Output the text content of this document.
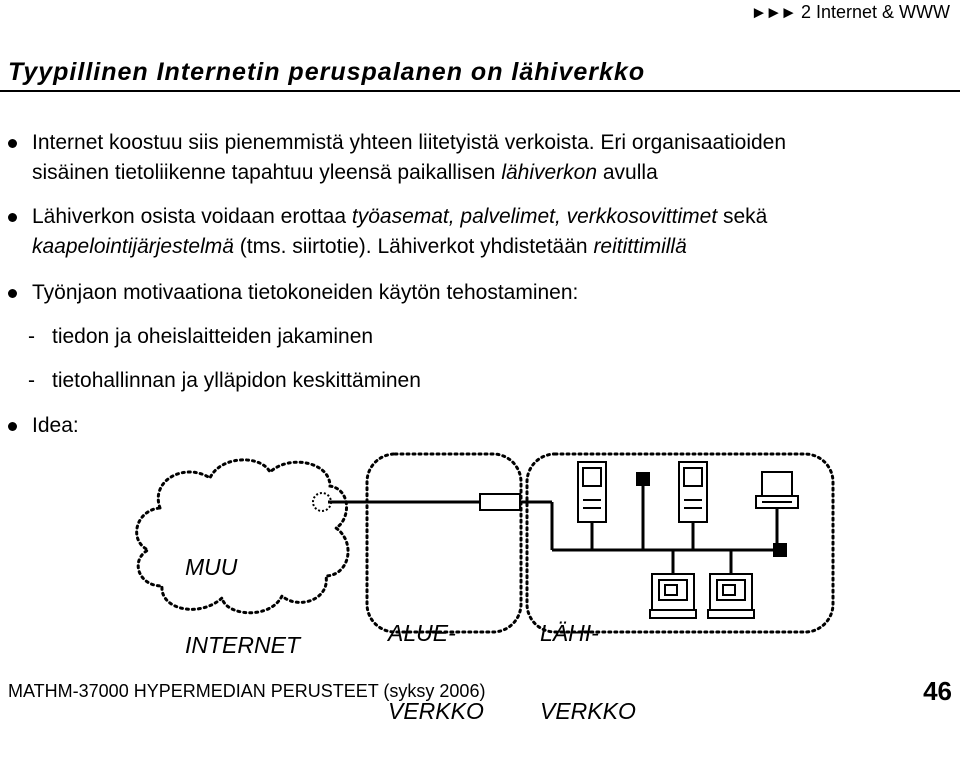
►►► 2 Internet & WWW
Tyypillinen Internetin peruspalanen on lähiverkko
Internet koostuu siis pienemmistä yhteen liitetyistä verkoista. Eri organisaatioiden
sisäinen tietoliikenne tapahtuu yleensä paikallisen lähiverkon avulla
Lähiverkon osista voidaan erottaa työasemat, palvelimet, verkkosovittimet sekä
kaapelointijärjestelmä (tms. siirtotie). Lähiverkot yhdistetään reitittimillä
Työnjaon motivaationa tietokoneiden käytön tehostaminen:
- tiedon ja oheislaitteiden jakaminen
- tietohallinnan ja ylläpidon keskittäminen
Idea:

MUU

INTERNET

	ALUE-

VERKKO

LÄHI-

VERKKO

MATHM-37000 HYPERMEDIAN PERUSTEET (syksy 2006)	46
